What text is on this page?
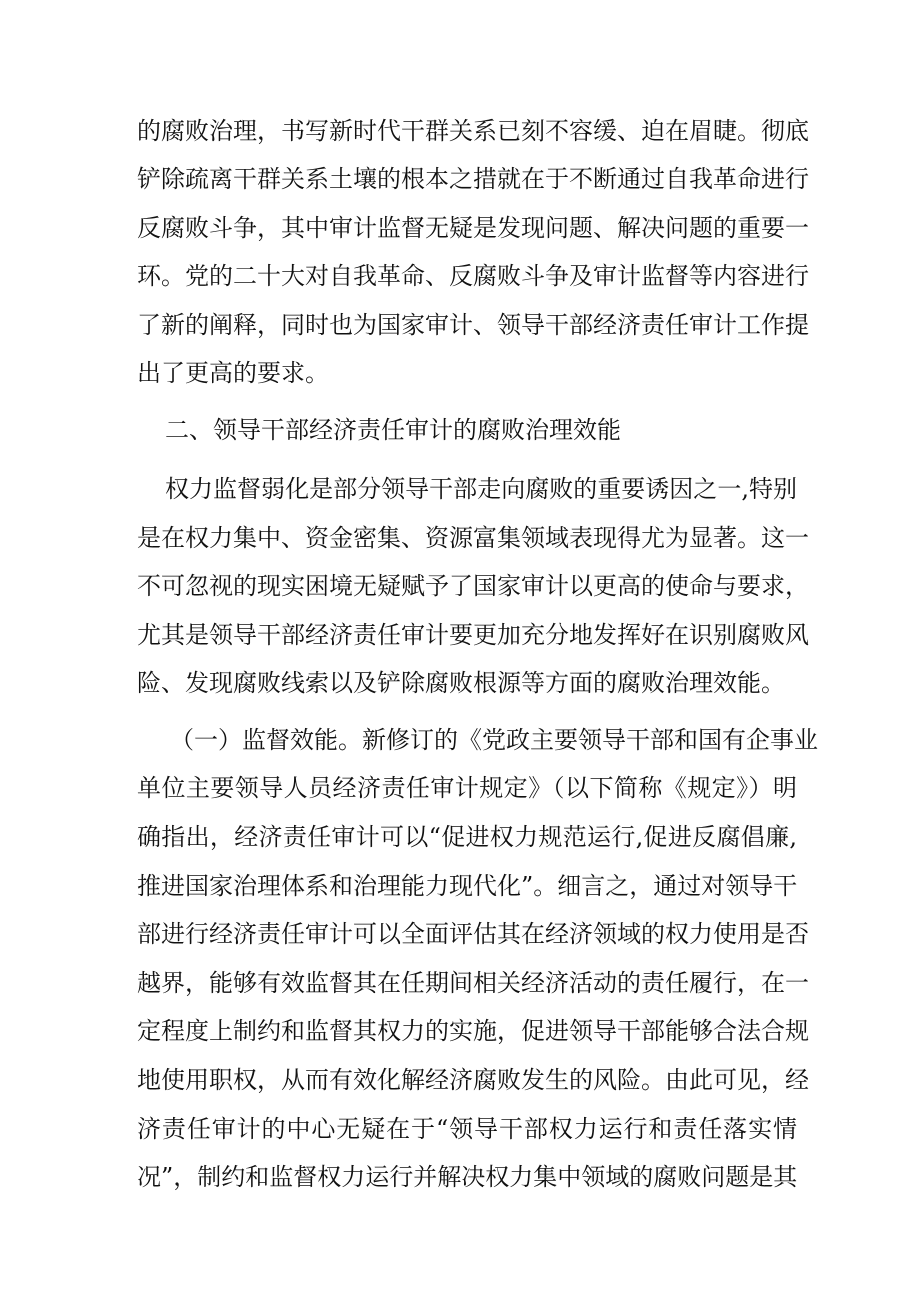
的腐败治理，书写新时代干群关系已刻不容缓、迫在眉睫。彻底
铲除疏离干群关系土壤的根本之措就在于不断通过自我革命进行
反腐败斗争，其中审计监督无疑是发现问题、解决问题的重要一
环。党的二十大对自我革命、反腐败斗争及审计监督等内容进行
了新的阐释，同时也为国家审计、领导干部经济责任审计工作提
出了更高的要求。
二、领导干部经济责任审计的腐败治理效能
权力监督弱化是部分领导干部走向腐败的重要诱因之一,特别
是在权力集中、资金密集、资源富集领域表现得尤为显著。这一
不可忽视的现实困境无疑赋予了国家审计以更高的使命与要求，
尤其是领导干部经济责任审计要更加充分地发挥好在识别腐败风
险、发现腐败线索以及铲除腐败根源等方面的腐败治理效能。
（一）监督效能。新修订的《党政主要领导干部和国有企事业
单位主要领导人员经济责任审计规定》（以下简称《规定》）明
确指出，经济责任审计可以“促进权力规范运行,促进反腐倡廉,
推进国家治理体系和治理能力现代化”。细言之，通过对领导干
部进行经济责任审计可以全面评估其在经济领域的权力使用是否
越界，能够有效监督其在任期间相关经济活动的责任履行，在一
定程度上制约和监督其权力的实施，促进领导干部能够合法合规
地使用职权，从而有效化解经济腐败发生的风险。由此可见，经
济责任审计的中心无疑在于“领导干部权力运行和责任落实情
况”，制约和监督权力运行并解决权力集中领域的腐败问题是其
